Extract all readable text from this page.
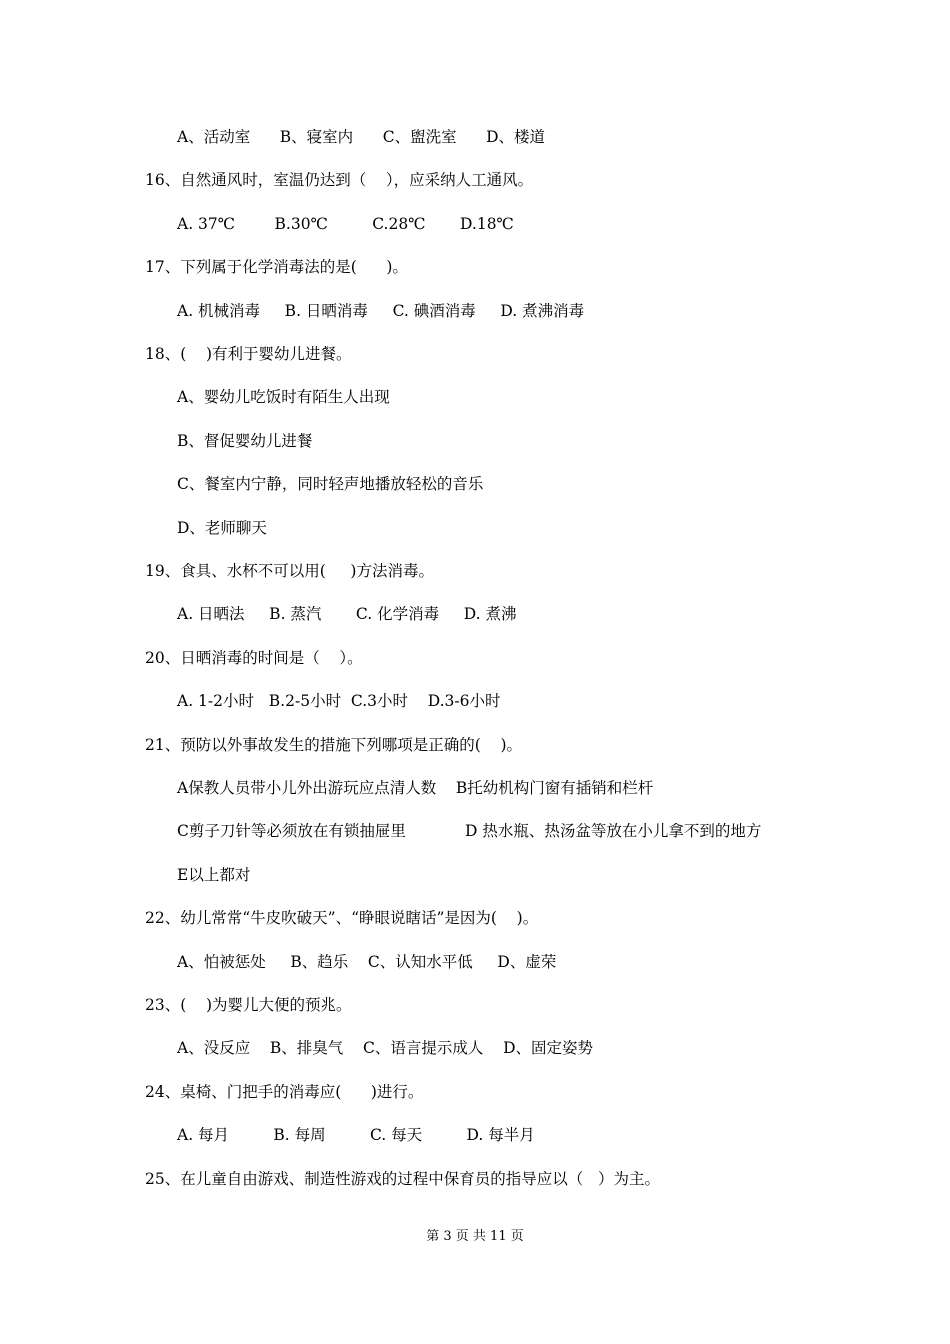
A、活动室      B、寝室内      C、盥洗室      D、楼道
16、自然通风时，室温仍达到（    ），应采纳人工通风。
A. 37℃        B.30℃         C.28℃       D.18℃
17、下列属于化学消毒法的是(      )。
A. 机械消毒     B. 日晒消毒     C. 碘酒消毒     D. 煮沸消毒
18、(    )有利于婴幼儿进餐。
A、婴幼儿吃饭时有陌生人出现
B、督促婴幼儿进餐
C、餐室内宁静，同时轻声地播放轻松的音乐
D、老师聊天
19、食具、水杯不可以用(     )方法消毒。
A. 日晒法     B. 蒸汽       C. 化学消毒     D. 煮沸
20、日晒消毒的时间是（    ）。
A. 1-2小时   B.2-5小时  C.3小时    D.3-6小时
21、预防以外事故发生的措施下列哪项是正确的(    )。
A保教人员带小儿外出游玩应点清人数    B托幼机构门窗有插销和栏杆
C剪子刀针等必须放在有锁抽屉里            D 热水瓶、热汤盆等放在小儿拿不到的地方
E以上都对
22、幼儿常常“牛皮吹破天”、“睁眼说瞎话”是因为(    )。
A、怕被惩处     B、趋乐    C、认知水平低     D、虚荣
23、(    )为婴儿大便的预兆。
A、没反应    B、排臭气    C、语言提示成人    D、固定姿势
24、桌椅、门把手的消毒应(      )进行。
A. 每月         B. 每周         C. 每天         D. 每半月
25、在儿童自由游戏、制造性游戏的过程中保育员的指导应以（   ）为主。
第 3 页 共 11 页
